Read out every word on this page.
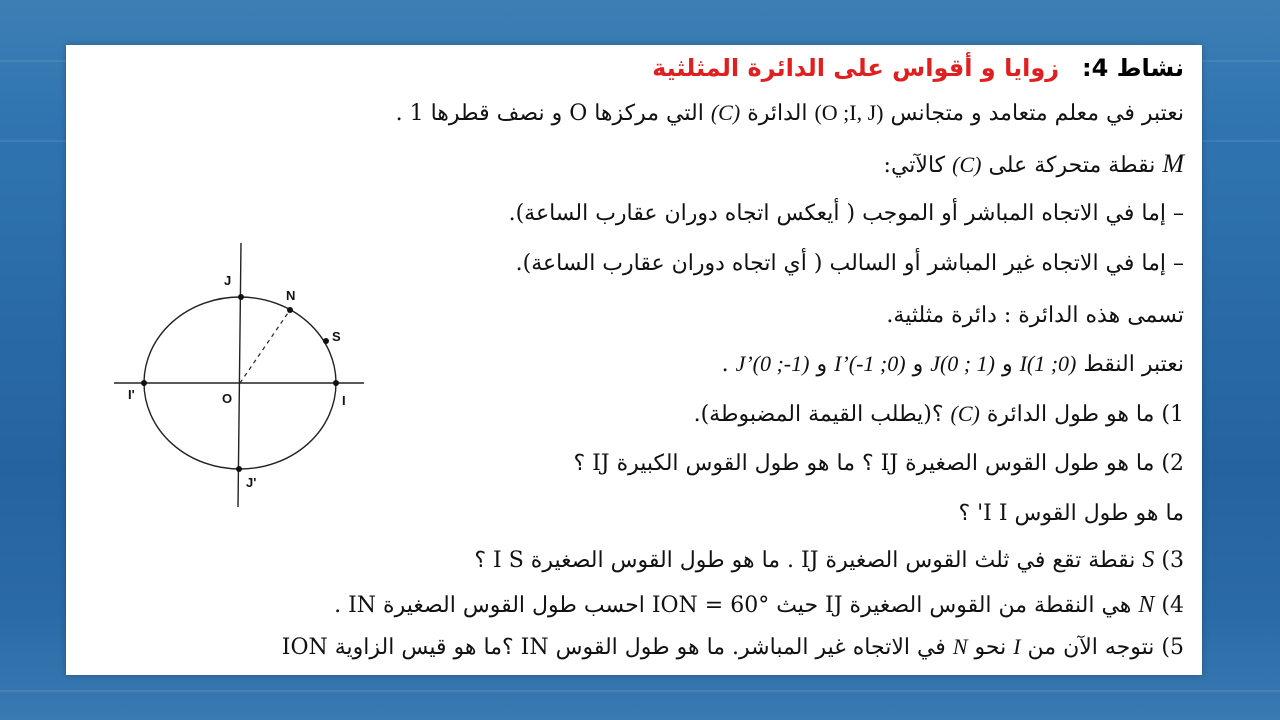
نشاط 4:   زوايا و أقواس على الدائرة المثلثية
نعتبر في معلم متعامد و متجانس (O ;I, J) الدائرة (C) التي مركزها O و نصف قطرها 1 .
M نقطة متحركة على (C) كالآتي:
– إما في الاتجاه المباشر أو الموجب ( أيعكس اتجاه دوران عقارب الساعة).
– إما في الاتجاه غير المباشر أو السالب ( أي اتجاه دوران عقارب الساعة).
تسمى هذه الدائرة : دائرة مثلثية.
نعتبر النقط I(1 ;0) و J(0 ; 1) و I’(-1 ;0) و J’(0 ;-1) .
1) ما هو طول الدائرة (C) ؟(يطلب القيمة المضبوطة).
2) ما هو طول القوس الصغيرة IJ ؟ ما هو طول القوس الكبيرة IJ ؟
ما هو طول القوس I I' ؟
3) S نقطة تقع في ثلث القوس الصغيرة IJ . ما هو طول القوس الصغيرة I S ؟
4) N هي النقطة من القوس الصغيرة IJ حيث ION = 60° احسب طول القوس الصغيرة IN .
5) نتوجه الآن من I نحو N في الاتجاه غير المباشر. ما هو طول القوس IN ؟ما هو قيس الزاوية ION
J
N
S
O	I
I'
J'
